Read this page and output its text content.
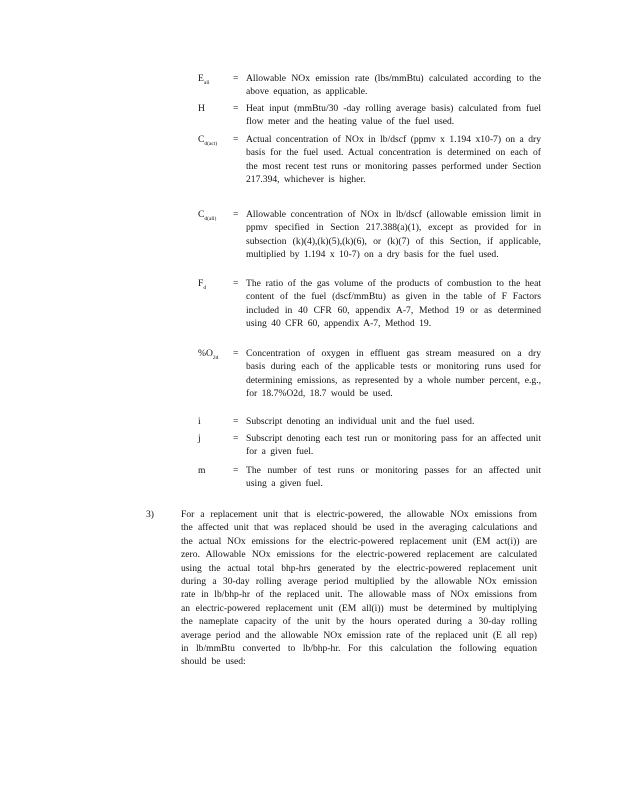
$E_{all}$	= Allowable NOx emission rate (lbs/mmBtu) calculated according to the above equation, as applicable.
H	= Heat input (mmBtu/30 -day rolling average basis) calculated from fuel flow meter and the heating value of the fuel used.
$C_{d(act)}$	= Actual concentration of NOx in lb/dscf (ppmv x 1.194 x10-7) on a dry basis for the fuel used. Actual concentration is determined on each of the most recent test runs or monitoring passes performed under Section 217.394, whichever is higher.
$C_{d(all)}$	= Allowable concentration of NOx in lb/dscf (allowable emission limit in ppmv specified in Section 217.388(a)(1), except as provided for in subsection (k)(4),(k)(5),(k)(6), or (k)(7) of this Section, if applicable, multiplied by 1.194 x 10-7) on a dry basis for the fuel used.
$F_d$	= The ratio of the gas volume of the products of combustion to the heat content of the fuel (dscf/mmBtu) as given in the table of F Factors included in 40 CFR 60, appendix A-7, Method 19 or as determined using 40 CFR 60, appendix A-7, Method 19.
$\%O_{2d}$	= Concentration of oxygen in effluent gas stream measured on a dry basis during each of the applicable tests or monitoring runs used for determining emissions, as represented by a whole number percent, e.g., for 18.7%O2d, 18.7 would be used.
i	= Subscript denoting an individual unit and the fuel used.
j	= Subscript denoting each test run or monitoring pass for an affected unit for a given fuel.
m	= The number of test runs or monitoring passes for an affected unit using a given fuel.
3)	For a replacement unit that is electric-powered, the allowable NOx emissions from the affected unit that was replaced should be used in the averaging calculations and the actual NOx emissions for the electric-powered replacement unit (EM act(i)) are zero. Allowable NOx emissions for the electric-powered replacement are calculated using the actual total bhp-hrs generated by the electric-powered replacement unit during a 30-day rolling average period multiplied by the allowable NOx emission rate in lb/bhp-hr of the replaced unit. The allowable mass of NOx emissions from an electric-powered replacement unit (EM all(i)) must be determined by multiplying the nameplate capacity of the unit by the hours operated during a 30-day rolling average period and the allowable NOx emission rate of the replaced unit (E all rep) in lb/mmBtu converted to lb/bhp-hr. For this calculation the following equation should be used:
